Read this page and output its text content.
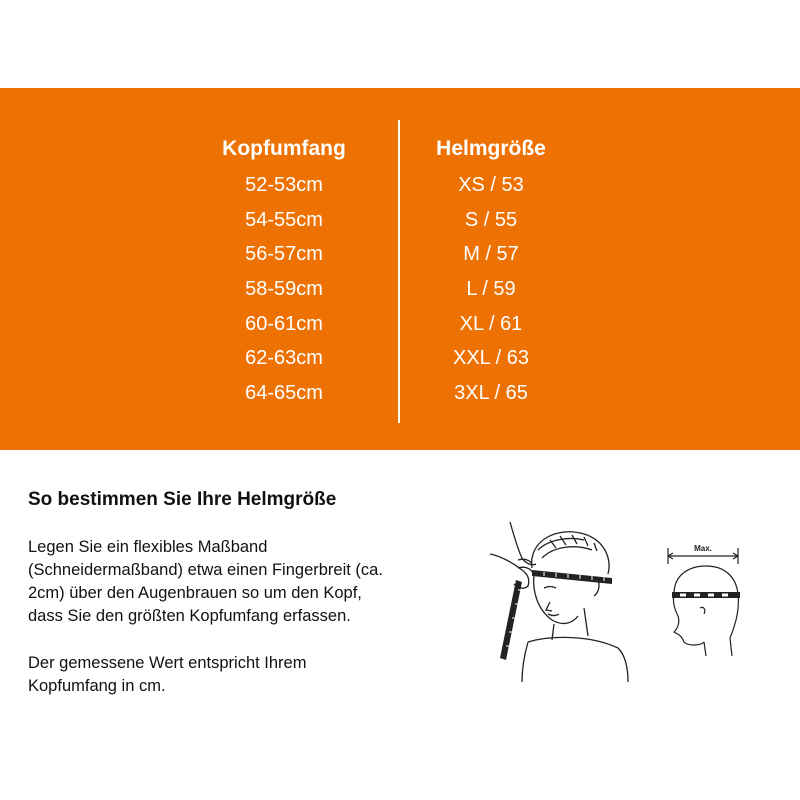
Kopfumfang
52-53cm
54-55cm
56-57cm
58-59cm
60-61cm
62-63cm
64-65cm
Helmgröße
XS / 53
S / 55
M / 57
L / 59
XL / 61
XXL / 63
3XL / 65
So bestimmen Sie Ihre Helmgröße
Legen Sie ein flexibles Maßband
(Schneidermaßband) etwa einen Fingerbreit (ca.
2cm) über den Augenbrauen so um den Kopf,
dass Sie den größten Kopfumfang erfassen.
Der gemessene Wert entspricht Ihrem
Kopfumfang in cm.
Max.
